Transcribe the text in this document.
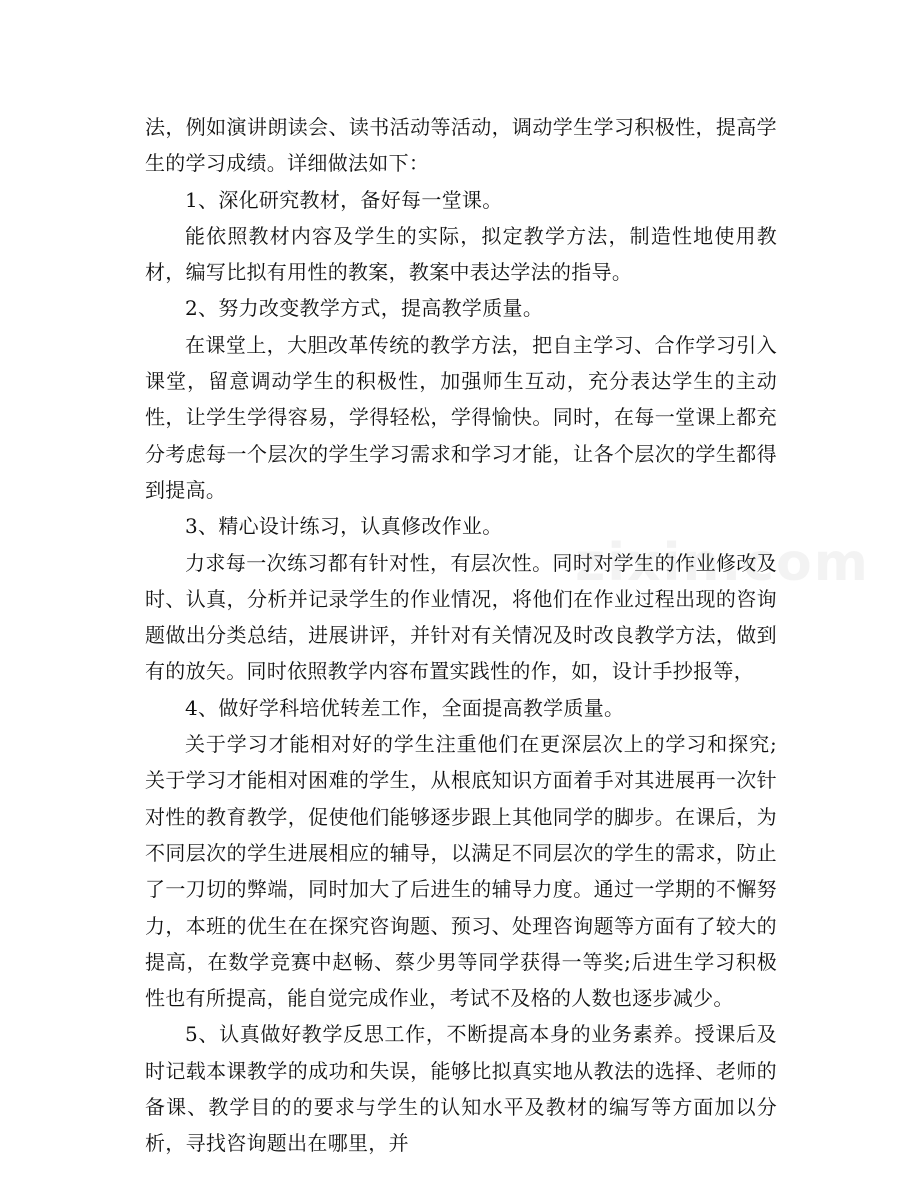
法，例如演讲朗读会、读书活动等活动，调动学生学习积极性，提高学生的学习成绩。详细做法如下：

1、深化研究教材，备好每一堂课。

能依照教材内容及学生的实际，拟定教学方法，制造性地使用教材，编写比拟有用性的教案，教案中表达学法的指导。

2、努力改变教学方式，提高教学质量。

在课堂上，大胆改革传统的教学方法，把自主学习、合作学习引入课堂，留意调动学生的积极性，加强师生互动，充分表达学生的主动性，让学生学得容易，学得轻松，学得愉快。同时，在每一堂课上都充分考虑每一个层次的学生学习需求和学习才能，让各个层次的学生都得到提高。

3、精心设计练习，认真修改作业。

力求每一次练习都有针对性，有层次性。同时对学生的作业修改及时、认真，分析并记录学生的作业情况，将他们在作业过程出现的咨询题做出分类总结，进展讲评，并针对有关情况及时改良教学方法，做到有的放矢。同时依照教学内容布置实践性的作，如，设计手抄报等，

4、做好学科培优转差工作，全面提高教学质量。

关于学习才能相对好的学生注重他们在更深层次上的学习和探究;关于学习才能相对困难的学生，从根底知识方面着手对其进展再一次针对性的教育教学，促使他们能够逐步跟上其他同学的脚步。在课后，为不同层次的学生进展相应的辅导，以满足不同层次的学生的需求，防止了一刀切的弊端，同时加大了后进生的辅导力度。通过一学期的不懈努力，本班的优生在在探究咨询题、预习、处理咨询题等方面有了较大的提高，在数学竞赛中赵畅、蔡少男等同学获得一等奖;后进生学习积极性也有所提高，能自觉完成作业，考试不及格的人数也逐步减少。

5、认真做好教学反思工作，不断提高本身的业务素养。授课后及时记载本课教学的成功和失误，能够比拟真实地从教法的选择、老师的备课、教学目的的要求与学生的认知水平及教材的编写等方面加以分析，寻找咨询题出在哪里，并
